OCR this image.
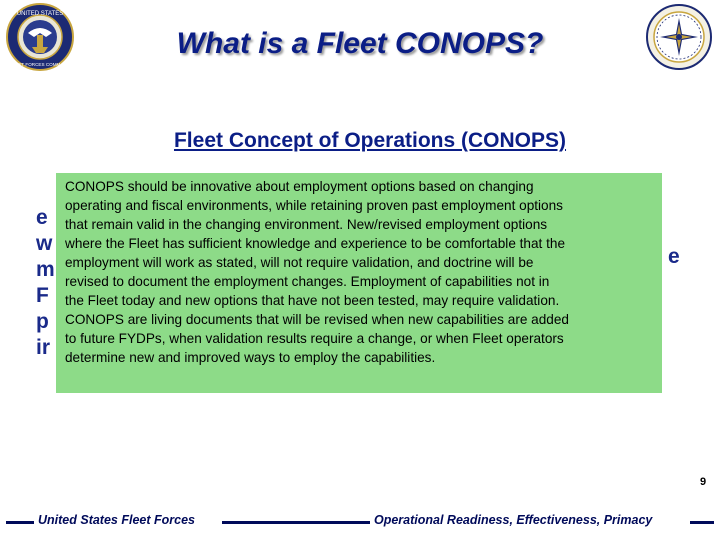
UNITED STATES
FLEET FORCES COMMAND
What is a Fleet CONOPS?
Fleet Concept of Operations (CONOPS)
e
w
m
F
p
ir
e
CONOPS should be innovative about employment options based on changing
operating and fiscal environments, while retaining proven past employment options
that remain valid in the changing environment. New/revised employment options
where the Fleet has sufficient knowledge and experience to be comfortable that the
employment will work as stated, will not require validation, and doctrine will be
revised to document the employment changes. Employment of capabilities not in
the Fleet today and new options that have not been tested, may require validation.
CONOPS are living documents that will be revised when new capabilities are added
to future FYDPs, when validation results require a change, or when Fleet operators
determine new and improved ways to employ the capabilities.
9
United States Fleet Forces	Operational Readiness, Effectiveness, Primacy
